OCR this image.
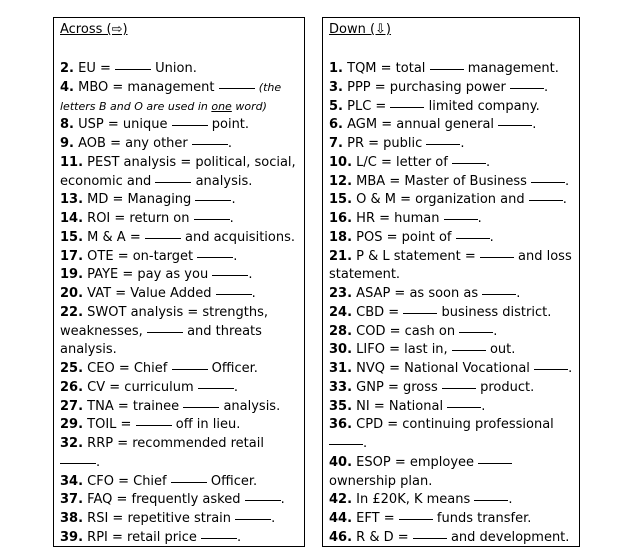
Across (⇨)

2. EU =	Union.

4. MBO = management	(the letters B and O are used in one word)

8. USP = unique	point.

9. AOB = any other	.

11. PEST analysis = political, social, economic and	analysis.

13. MD = Managing	.

14. ROI = return on	.

15. M & A =	and acquisitions.

17. OTE = on-target	.

19. PAYE = pay as you	.

20. VAT = Value Added	.

22. SWOT analysis = strengths, weaknesses,	and threats analysis.

25. CEO = Chief	Officer.

26. CV = curriculum	.

27. TNA = trainee	analysis.

29. TOIL =	off in lieu.

32. RRP = recommended retail .

34. CFO = Chief	Officer.

37. FAQ = frequently asked	.

38. RSI = repetitive strain	.

39. RPI = retail price	.

Down (⇩)

1. TQM = total	management.

3. PPP = purchasing power	.

5. PLC =	limited company.

6. AGM = annual general	.

7. PR = public	.

10. L/C = letter of	.

12. MBA = Master of Business	.

15. O & M = organization and	.

16. HR = human	.

18. POS = point of	.

21. P & L statement =	and loss statement.

23. ASAP = as soon as	.

24. CBD =	business district.

28. COD = cash on	.

30. LIFO = last in,	out.

31. NVQ = National Vocational	.

33. GNP = gross	product.

35. NI = National	.

36. CPD = continuing professional .

40. ESOP = employee  ownership plan.

42. In £20K, K means	.

44. EFT =	funds transfer.

46. R & D =	and development.
